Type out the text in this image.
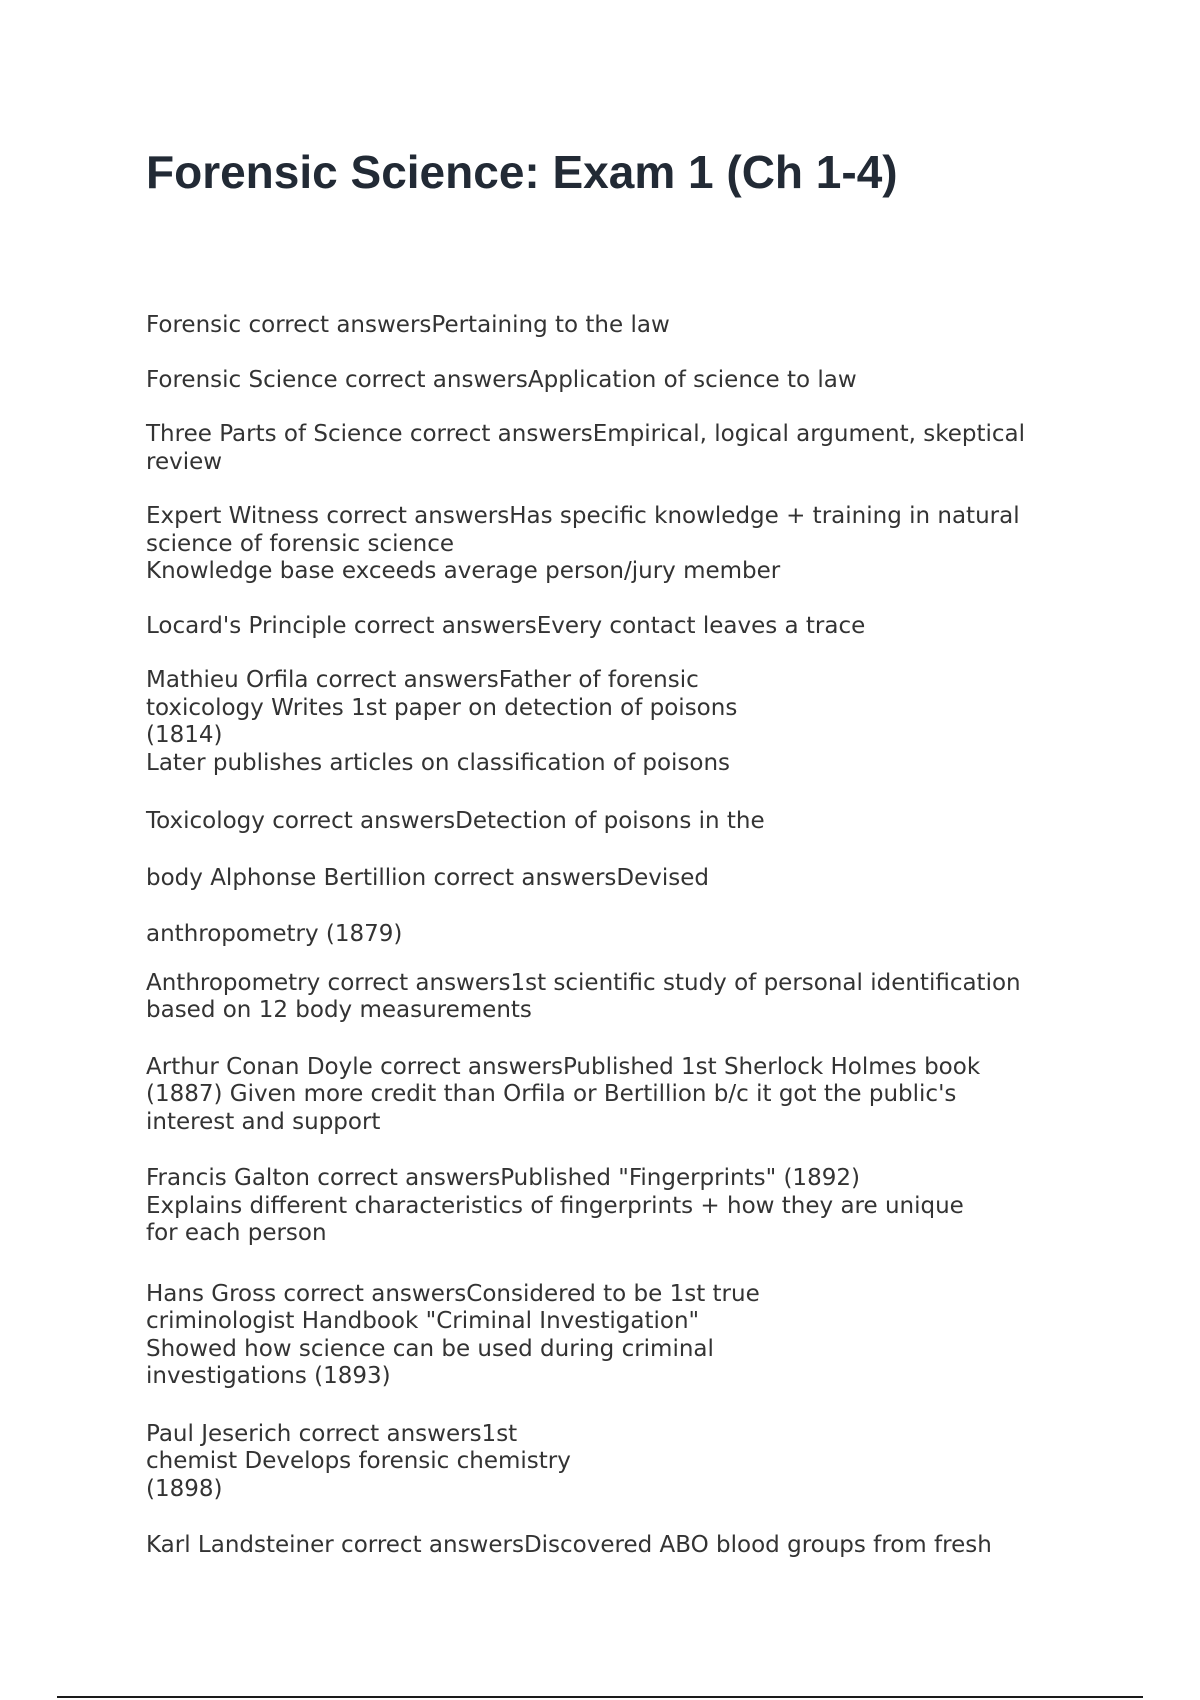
Forensic Science: Exam 1 (Ch 1-4)
Forensic correct answersPertaining to the law
Forensic Science correct answersApplication of science to law
Three Parts of Science correct answersEmpirical, logical argument, skeptical
review
Expert Witness correct answersHas specific knowledge + training in natural
science of forensic science
Knowledge base exceeds average person/jury member
Locard's Principle correct answersEvery contact leaves a trace
Mathieu Orfila correct answersFather of forensic
toxicology Writes 1st paper on detection of poisons
(1814)
Later publishes articles on classification of poisons
Toxicology correct answersDetection of poisons in the
body Alphonse Bertillion correct answersDevised
anthropometry (1879)
Anthropometry correct answers1st scientific study of personal identification
based on 12 body measurements
Arthur Conan Doyle correct answersPublished 1st Sherlock Holmes book
(1887) Given more credit than Orfila or Bertillion b/c it got the public's
interest and support
Francis Galton correct answersPublished "Fingerprints" (1892)
Explains different characteristics of fingerprints + how they are unique
for each person
Hans Gross correct answersConsidered to be 1st true
criminologist Handbook "Criminal Investigation"
Showed how science can be used during criminal
investigations (1893)
Paul Jeserich correct answers1st
chemist Develops forensic chemistry
(1898)
Karl Landsteiner correct answersDiscovered ABO blood groups from fresh
